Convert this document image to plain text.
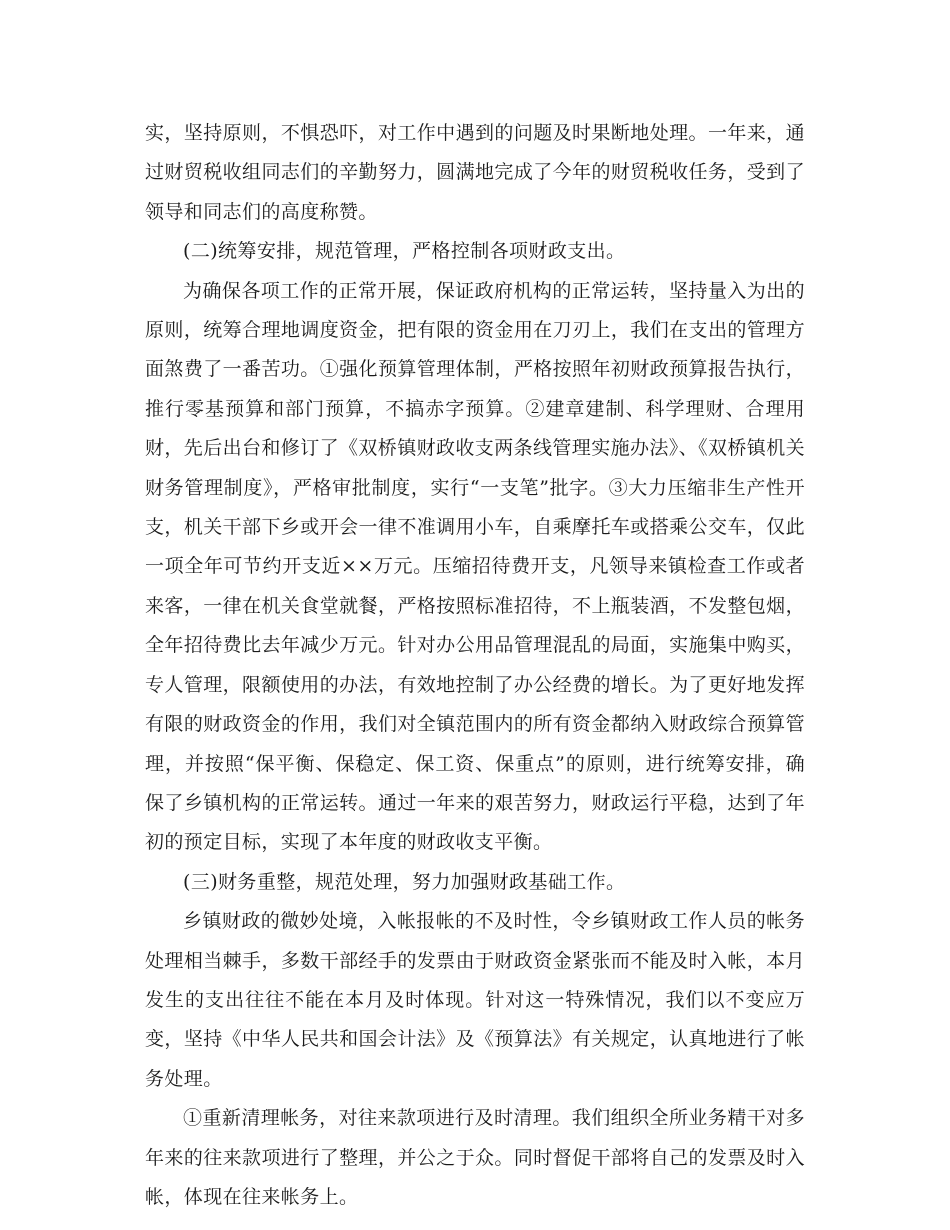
实，坚持原则，不惧恐吓，对工作中遇到的问题及时果断地处理。一年来，通过财贸税收组同志们的辛勤努力，圆满地完成了今年的财贸税收任务，受到了领导和同志们的高度称赞。

(二)统筹安排，规范管理，严格控制各项财政支出。

为确保各项工作的正常开展，保证政府机构的正常运转，坚持量入为出的原则，统筹合理地调度资金，把有限的资金用在刀刃上，我们在支出的管理方面煞费了一番苦功。①强化预算管理体制，严格按照年初财政预算报告执行，推行零基预算和部门预算，不搞赤字预算。②建章建制、科学理财、合理用财，先后出台和修订了《双桥镇财政收支两条线管理实施办法》、《双桥镇机关财务管理制度》，严格审批制度，实行“一支笔”批字。③大力压缩非生产性开支，机关干部下乡或开会一律不准调用小车，自乘摩托车或搭乘公交车，仅此一项全年可节约开支近××万元。压缩招待费开支，凡领导来镇检查工作或者来客，一律在机关食堂就餐，严格按照标准招待，不上瓶装酒，不发整包烟，全年招待费比去年减少万元。针对办公用品管理混乱的局面，实施集中购买，专人管理，限额使用的办法，有效地控制了办公经费的增长。为了更好地发挥有限的财政资金的作用，我们对全镇范围内的所有资金都纳入财政综合预算管理，并按照“保平衡、保稳定、保工资、保重点”的原则，进行统筹安排，确保了乡镇机构的正常运转。通过一年来的艰苦努力，财政运行平稳，达到了年初的预定目标，实现了本年度的财政收支平衡。

(三)财务重整，规范处理，努力加强财政基础工作。

乡镇财政的微妙处境，入帐报帐的不及时性，令乡镇财政工作人员的帐务处理相当棘手，多数干部经手的发票由于财政资金紧张而不能及时入帐，本月发生的支出往往不能在本月及时体现。针对这一特殊情况，我们以不变应万变，坚持《中华人民共和国会计法》及《预算法》有关规定，认真地进行了帐务处理。

①重新清理帐务，对往来款项进行及时清理。我们组织全所业务精干对多年来的往来款项进行了整理，并公之于众。同时督促干部将自己的发票及时入帐，体现在往来帐务上。
